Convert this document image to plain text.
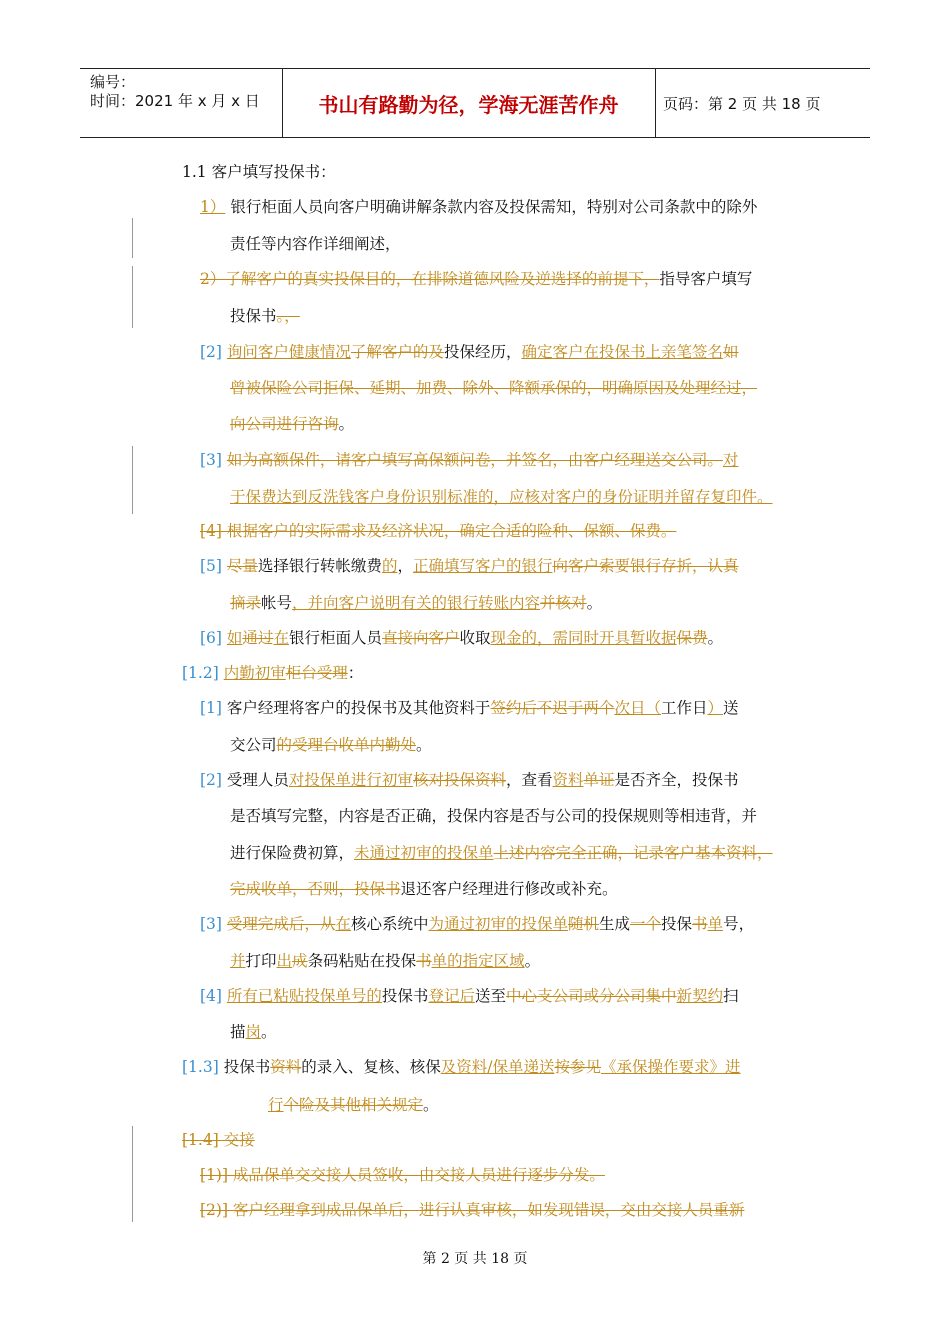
编号：
时间：2021 年 x 月 x 日	书山有路勤为径，学海无涯苦作舟	页码：第 2 页 共 18 页
1.1 客户填写投保书：
1） 银行柜面人员向客户明确讲解条款内容及投保需知，特别对公司条款中的除外
责任等内容作详细阐述，
2）了解客户的真实投保目的，在排除道德风险及逆选择的前提下，指导客户填写
投保书。，
[2] 询问客户健康情况了解客户的及投保经历，确定客户在投保书上亲笔签名如
曾被保险公司拒保、延期、加费、除外、降额承保的，明确原因及处理经过，
向公司进行咨询。
[3] 如为高额保件，请客户填写高保额问卷，并签名，由客户经理送交公司。对
于保费达到反洗钱客户身份识别标准的，应核对客户的身份证明并留存复印件。
[4] 根据客户的实际需求及经济状况，确定合适的险种、保额、保费。
[5] 尽量选择银行转帐缴费的，正确填写客户的银行向客户索要银行存折，认真
摘录帐号，并向客户说明有关的银行转账内容并核对。
[6] 如通过在银行柜面人员直接向客户收取现金的，需同时开具暂收据保费。
[1.2] 内勤初审柜台受理：
[1] 客户经理将客户的投保书及其他资料于签约后不迟于两个次日（工作日）送
交公司的受理台收单内勤处。
[2] 受理人员对投保单进行初审核对投保资料，查看资料单证是否齐全，投保书
是否填写完整，内容是否正确，投保内容是否与公司的投保规则等相违背，并
进行保险费初算，未通过初审的投保单上述内容完全正确，记录客户基本资料，
完成收单，否则，投保书退还客户经理进行修改或补充。
[3] 受理完成后，从在核心系统中为通过初审的投保单随机生成一个投保书单号，
并打印出成条码粘贴在投保书单的指定区域。
[4] 所有已粘贴投保单号的投保书登记后送至中心支公司或分公司集中新契约扫
描岗。
[1.3] 投保书资料的录入、复核、核保及资料/保单递送按参见《承保操作要求》进
行个险及其他相关规定。
[1.4] 交接
[1)] 成品保单交交接人员签收，由交接人员进行逐步分发。
[2)] 客户经理拿到成品保单后，进行认真审核，如发现错误，交由交接人员重新
第 2 页 共 18 页
